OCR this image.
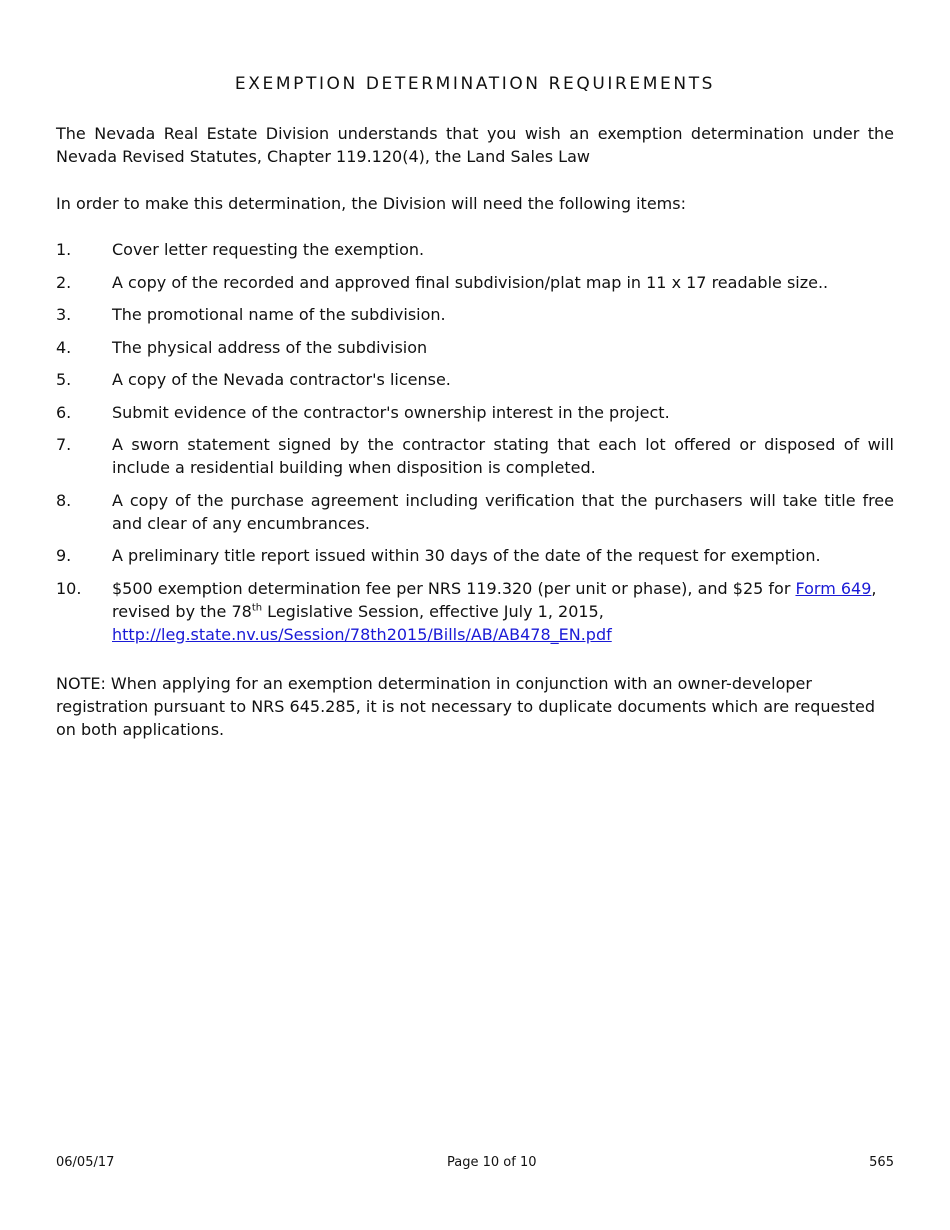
EXEMPTION DETERMINATION REQUIREMENTS
The Nevada Real Estate Division understands that you wish an exemption determination under the Nevada Revised Statutes, Chapter 119.120(4), the Land Sales Law
In order to make this determination, the Division will need the following items:
1.	Cover letter requesting the exemption.
2.	A copy of the recorded and approved final subdivision/plat map in 11 x 17 readable size..
3.	The promotional name of the subdivision.
4.	The physical address of the subdivision
5.	A copy of the Nevada contractor's license.
6.	Submit evidence of the contractor's ownership interest in the project.
7.	A sworn statement signed by the contractor stating that each lot offered or disposed of will include a residential building when disposition is completed.
8.	A copy of the purchase agreement including verification that the purchasers will take title free and clear of any encumbrances.
9.	A preliminary title report issued within 30 days of the date of the request for exemption.
10.	$500 exemption determination fee per NRS 119.320 (per unit or phase), and $25 for Form 649,
revised by the 78th Legislative Session, effective July 1, 2015,
http://leg.state.nv.us/Session/78th2015/Bills/AB/AB478_EN.pdf
NOTE: When applying for an exemption determination in conjunction with an owner-developer registration pursuant to NRS 645.285, it is not necessary to duplicate documents which are requested on both applications.
06/05/17	Page 10 of 10	565
